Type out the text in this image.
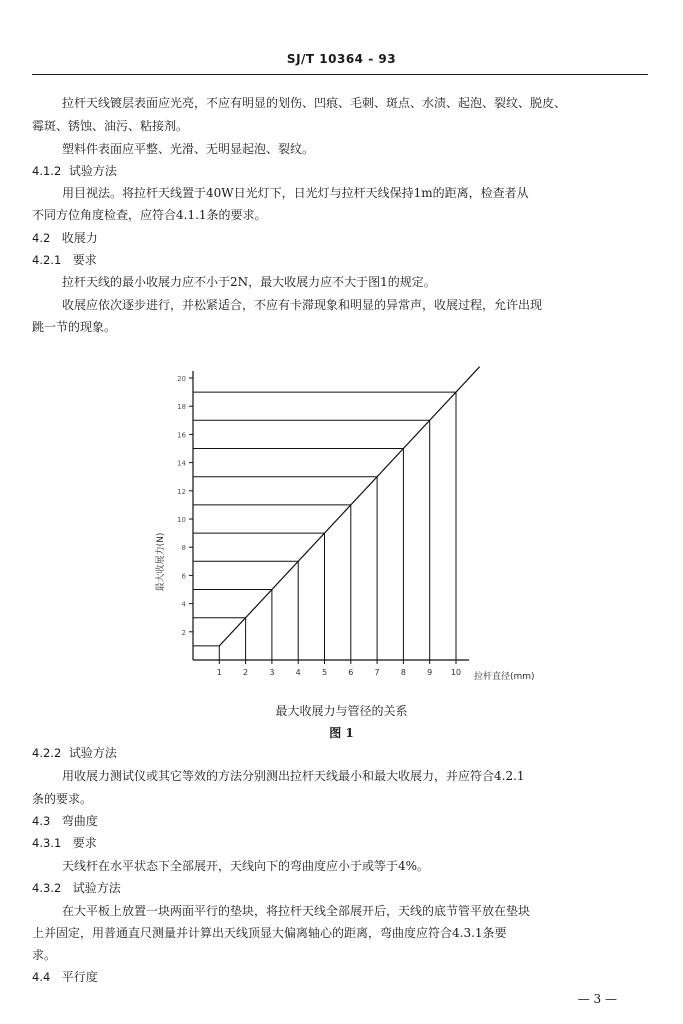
SJ/T 10364 - 93
拉杆天线镀层表面应光亮，不应有明显的划伤、凹痕、毛刺、斑点、水渍、起泡、裂纹、脱皮、
霉斑、锈蚀、油污、粘接剂。
塑料件表面应平整、光滑、无明显起泡、裂纹。
4.1.2 试验方法
用目视法。将拉杆天线置于40W日光灯下，日光灯与拉杆天线保持1m的距离，检查者从
不同方位角度检查，应符合4.1.1条的要求。
4.2 收展力
4.2.1 要求
拉杆天线的最小收展力应不小于2N，最大收展力应不大于图1的规定。
收展应依次逐步进行，并松紧适合，不应有卡滞现象和明显的异常声，收展过程，允许出现
跳一节的现象。
1	2	3	4	5	6	7	8	9 10
2
4
6
8
10
12
14
16
18
20
拉杆直径(mm)
最大收展力(N)
最大收展力与管径的关系
图 1
4.2.2 试验方法
用收展力测试仪或其它等效的方法分别测出拉杆天线最小和最大收展力，并应符合4.2.1
条的要求。
4.3 弯曲度
4.3.1 要求
天线杆在水平状态下全部展开，天线向下的弯曲度应小于或等于4%。
4.3.2 试验方法
在大平板上放置一块两面平行的垫块，将拉杆天线全部展开后，天线的底节管平放在垫块
上并固定，用普通直尺测量并计算出天线顶显大偏离轴心的距离，弯曲度应符合4.3.1条要
求。
4.4 平行度
— 3 —
